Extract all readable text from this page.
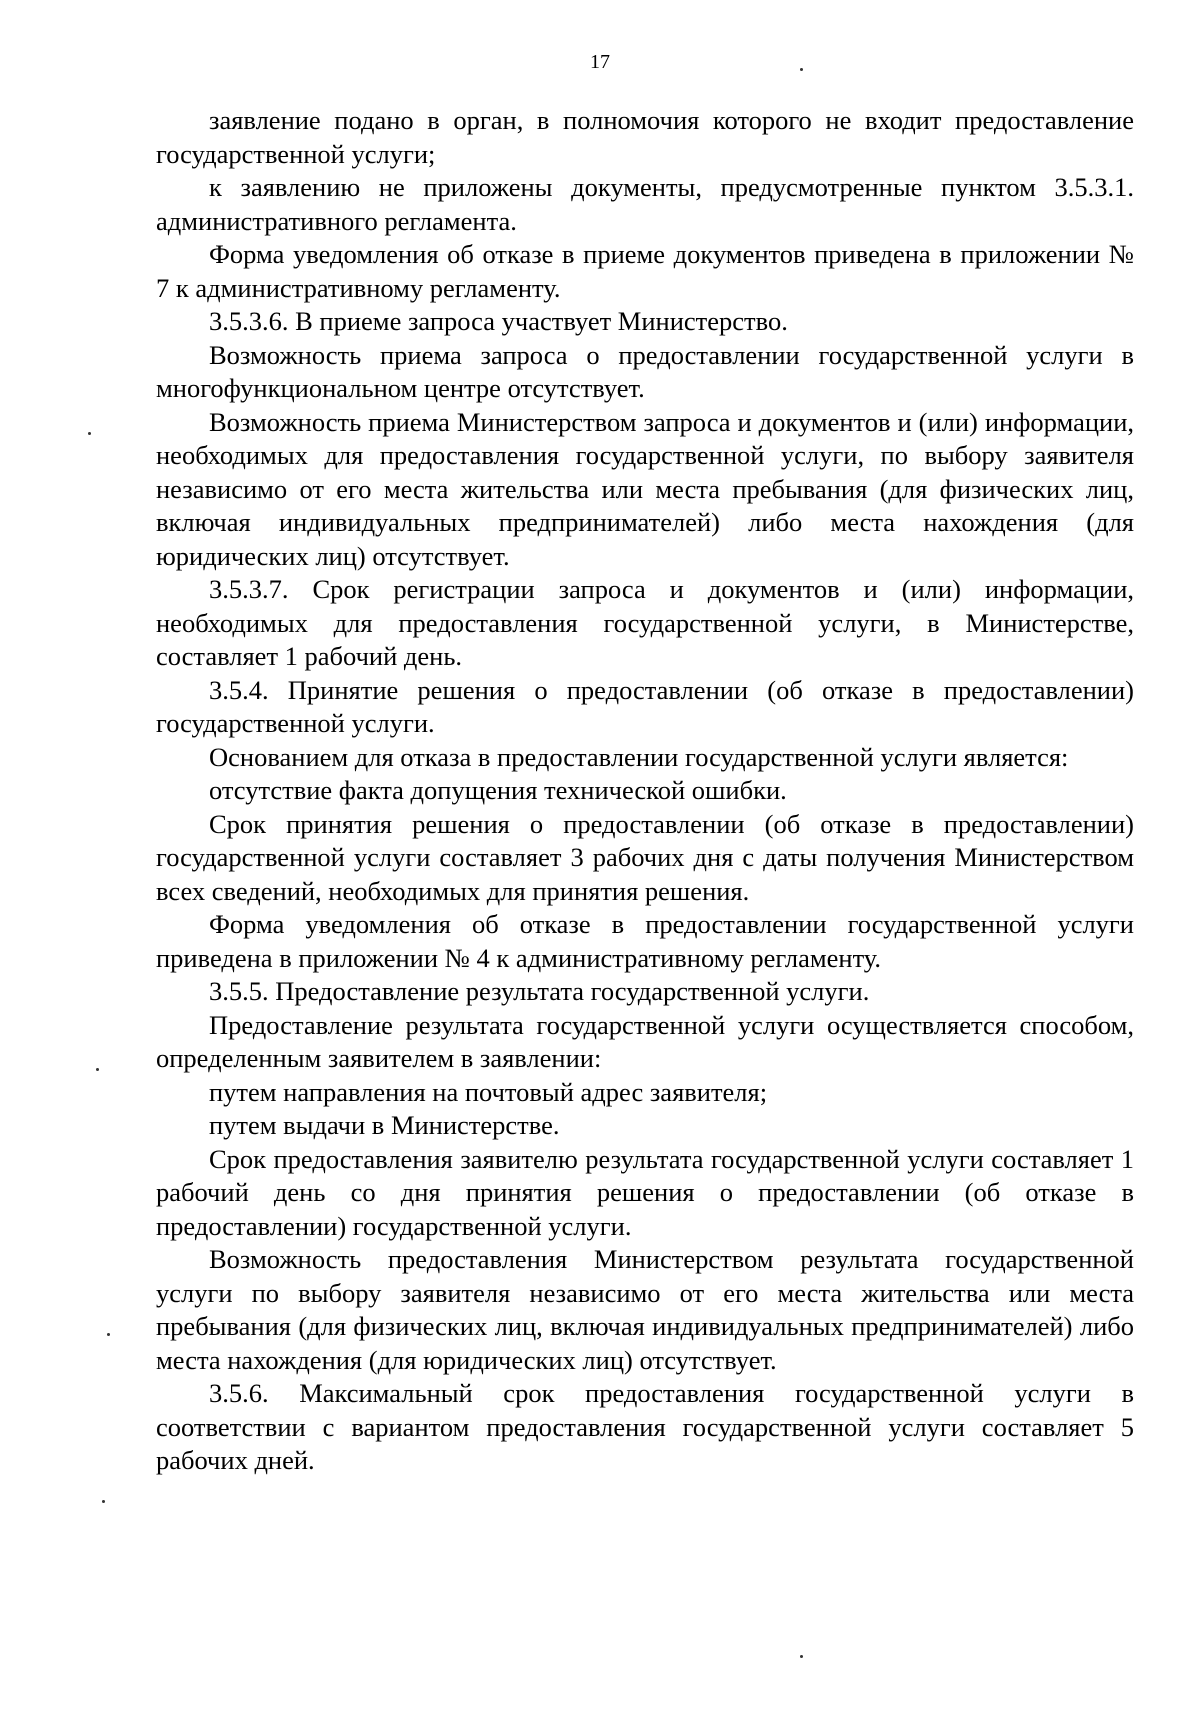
17

заявление подано в орган, в полномочия которого не входит предоставление государственной услуги;

к заявлению не приложены документы, предусмотренные пунктом 3.5.3.1. административного регламента.

Форма уведомления об отказе в приеме документов приведена в приложении № 7 к административному регламенту.

3.5.3.6. В приеме запроса участвует Министерство.

Возможность приема запроса о предоставлении государственной услуги в многофункциональном центре отсутствует.

Возможность приема Министерством запроса и документов и (или) информации, необходимых для предоставления государственной услуги, по выбору заявителя независимо от его места жительства или места пребывания (для физических лиц, включая индивидуальных предпринимателей) либо места нахождения (для юридических лиц) отсутствует.

3.5.3.7. Срок регистрации запроса и документов и (или) информации, необходимых для предоставления государственной услуги, в Министерстве, составляет 1 рабочий день.

3.5.4. Принятие решения о предоставлении (об отказе в предоставлении) государственной услуги.

Основанием для отказа в предоставлении государственной услуги является:

отсутствие факта допущения технической ошибки.

Срок принятия решения о предоставлении (об отказе в предоставлении) государственной услуги составляет 3 рабочих дня с даты получения Министерством всех сведений, необходимых для принятия решения.

Форма уведомления об отказе в предоставлении государственной услуги приведена в приложении № 4 к административному регламенту.

3.5.5. Предоставление результата государственной услуги.

Предоставление результата государственной услуги осуществляется способом, определенным заявителем в заявлении:

путем направления на почтовый адрес заявителя;

путем выдачи в Министерстве.

Срок предоставления заявителю результата государственной услуги составляет 1 рабочий день со дня принятия решения о предоставлении (об отказе в предоставлении) государственной услуги.

Возможность предоставления Министерством результата государственной услуги по выбору заявителя независимо от его места жительства или места пребывания (для физических лиц, включая индивидуальных предпринимателей) либо места нахождения (для юридических лиц) отсутствует.

3.5.6. Максимальный срок предоставления государственной услуги в соответствии с вариантом предоставления государственной услуги составляет 5 рабочих дней.
